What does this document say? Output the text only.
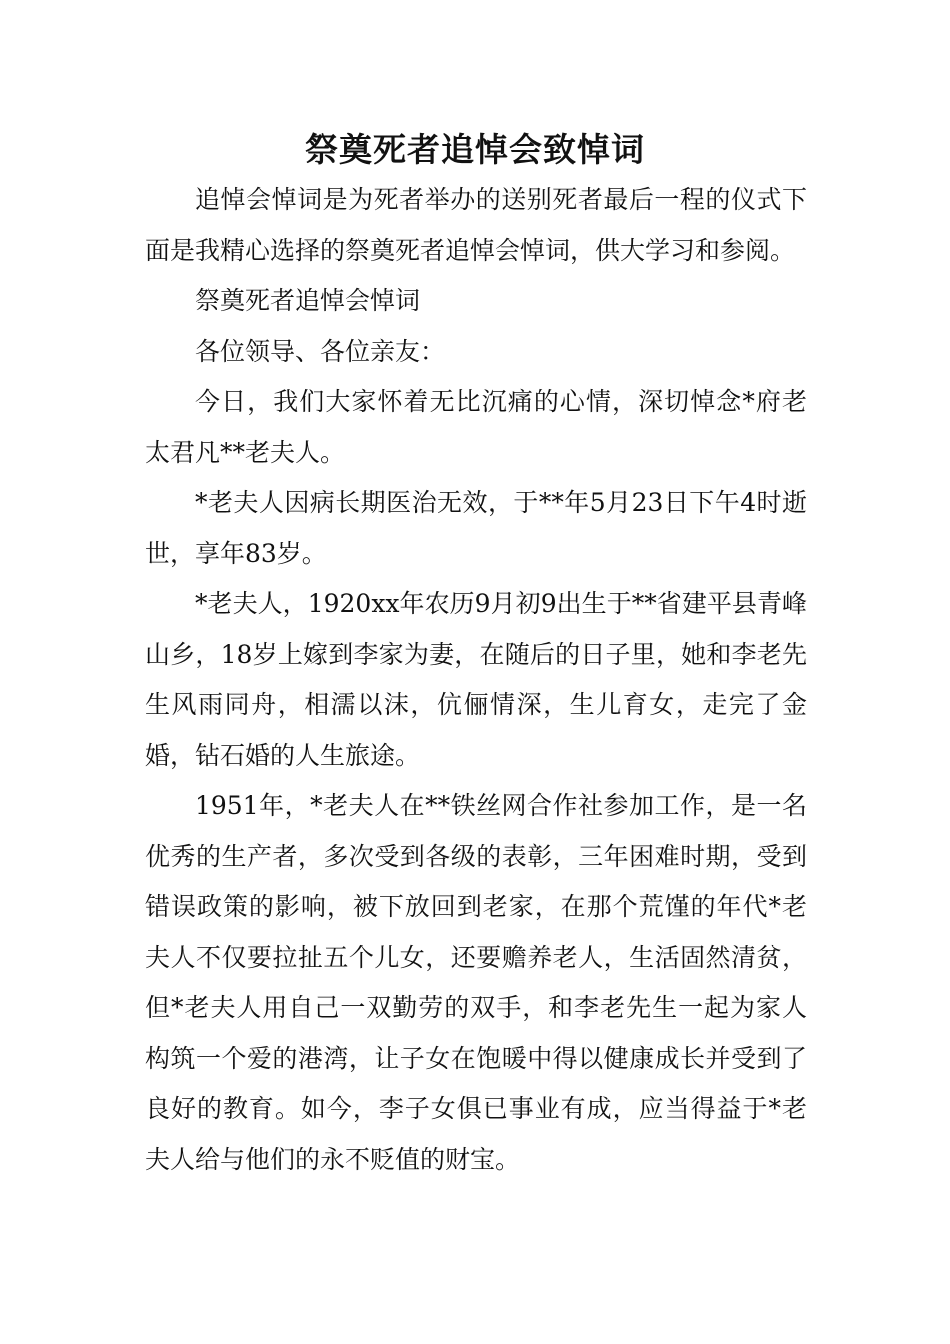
祭奠死者追悼会致悼词

追悼会悼词是为死者举办的送别死者最后一程的仪式下面是我精心选择的祭奠死者追悼会悼词，供大学习和参阅。

祭奠死者追悼会悼词

各位领导、各位亲友：

今日，我们大家怀着无比沉痛的心情，深切悼念*府老太君凡**老夫人。

*老夫人因病长期医治无效，于**年5月23日下午4时逝世，享年83岁。

*老夫人，1920xx年农历9月初9出生于**省建平县青峰山乡，18岁上嫁到李家为妻，在随后的日子里，她和李老先生风雨同舟，相濡以沫，伉俪情深，生儿育女，走完了金婚，钻石婚的人生旅途。

1951年，*老夫人在**铁丝网合作社参加工作，是一名优秀的生产者，多次受到各级的表彰，三年困难时期，受到错误政策的影响，被下放回到老家，在那个荒馑的年代*老夫人不仅要拉扯五个儿女，还要赡养老人，生活固然清贫，但*老夫人用自己一双勤劳的双手，和李老先生一起为家人构筑一个爱的港湾，让子女在饱暖中得以健康成长并受到了良好的教育。如今，李子女俱已事业有成，应当得益于*老夫人给与他们的永不贬值的财宝。
